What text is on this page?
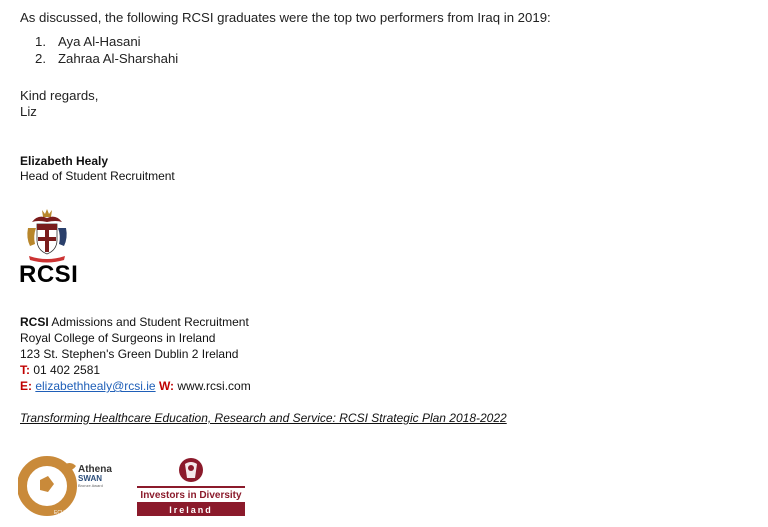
As discussed, the following RCSI graduates were the top two performers from Iraq in 2019:
1. Aya Al-Hasani
2. Zahraa Al-Sharshahi
Kind regards,
Liz
Elizabeth Healy
Head of Student Recruitment
RCSI
RCSI Admissions and Student Recruitment
Royal College of Surgeons in Ireland
123 St. Stephen's Green Dublin 2 Ireland
T: 01 402 2581
E: elizabethhealy@rcsi.ie W: www.rcsi.com
Transforming Healthcare Education, Research and Service: RCSI Strategic Plan 2018-2022
ECU GENDER CHARTER
Athena
SWAN
Bronze Award
Investors in Diversity
Ireland
